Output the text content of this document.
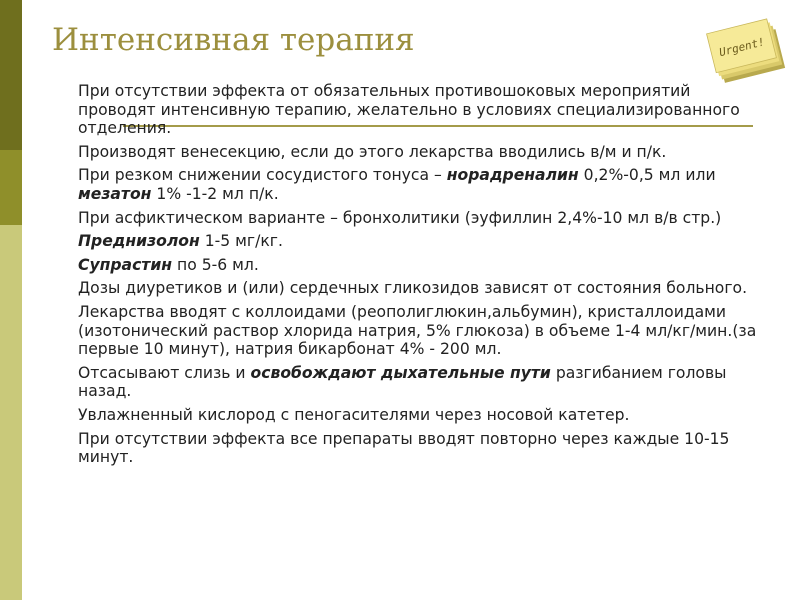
Интенсивная терапия	Urgent!
При отсутствии эффекта от обязательных противошоковых мероприятий проводят интенсивную терапию, желательно в условиях специализированного отделения.
Производят венесекцию, если до этого лекарства вводились в/м и п/к.
При резком снижении сосудистого тонуса – норадреналин 0,2%-0,5 мл или мезатон 1% -1-2 мл п/к.
При асфиктическом варианте – бронхолитики (эуфиллин 2,4%-10 мл в/в стр.)
Преднизолон 1-5 мг/кг.
Супрастин по 5-6 мл.
Дозы диуретиков и (или) сердечных гликозидов зависят от состояния больного.
Лекарства вводят с коллоидами (реополиглюкин,альбумин), кристаллоидами (изотонический раствор хлорида натрия, 5% глюкоза) в объеме 1-4 мл/кг/мин.(за первые 10 минут), натрия бикарбонат 4% - 200 мл.
Отсасывают слизь и освобождают дыхательные пути разгибанием головы назад.
Увлажненный кислород с пеногасителями через носовой катетер.
При отсутствии эффекта все препараты вводят повторно через каждые 10-15 минут.
